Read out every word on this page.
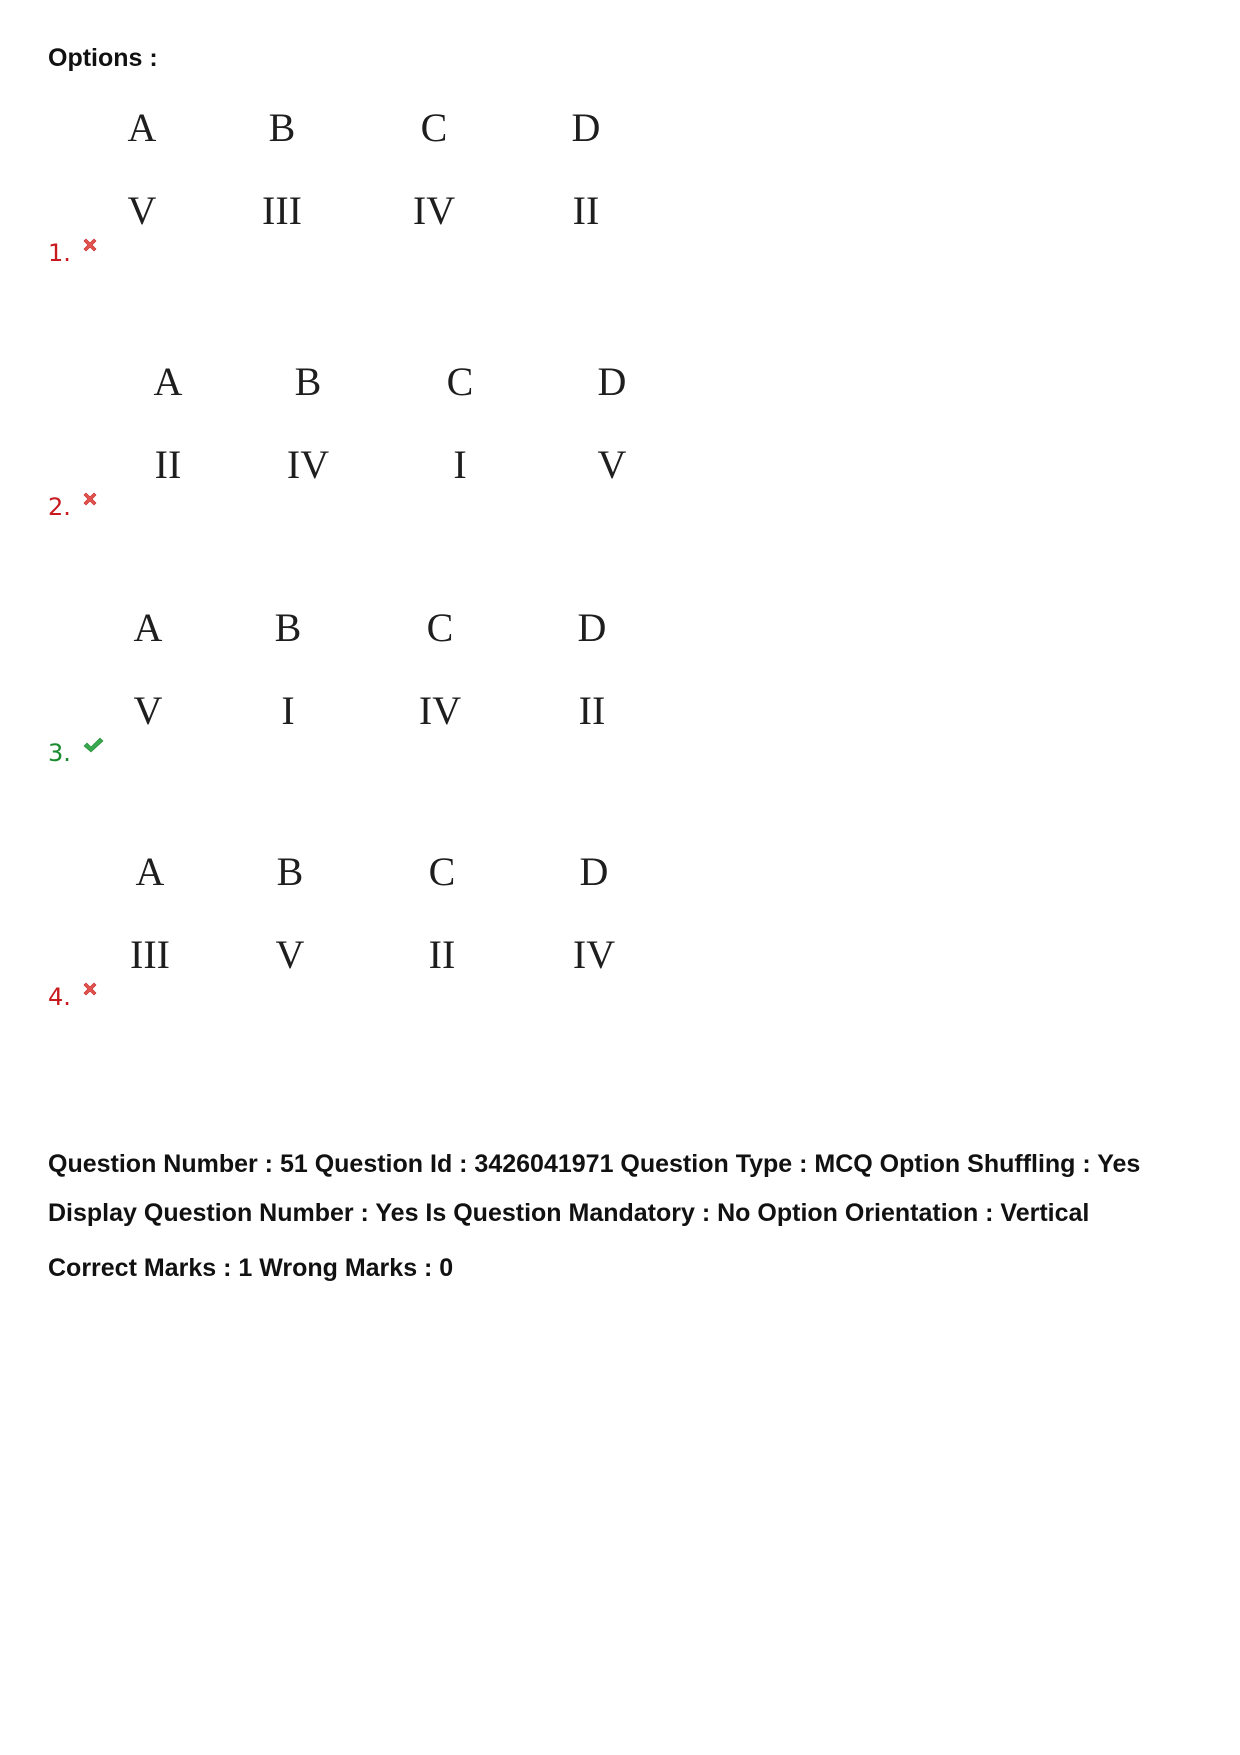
Options :
A	B	C	D
V	III	IV	II
1.
A	B	C	D
II	IV	I	V
2.
A	B	C	D
V	I	IV	II
3.
A	B	C	D
III	V	II	IV
4.
Question Number : 51 Question Id : 3426041971 Question Type : MCQ Option Shuffling : Yes
Display Question Number : Yes Is Question Mandatory : No Option Orientation : Vertical
Correct Marks : 1 Wrong Marks : 0
